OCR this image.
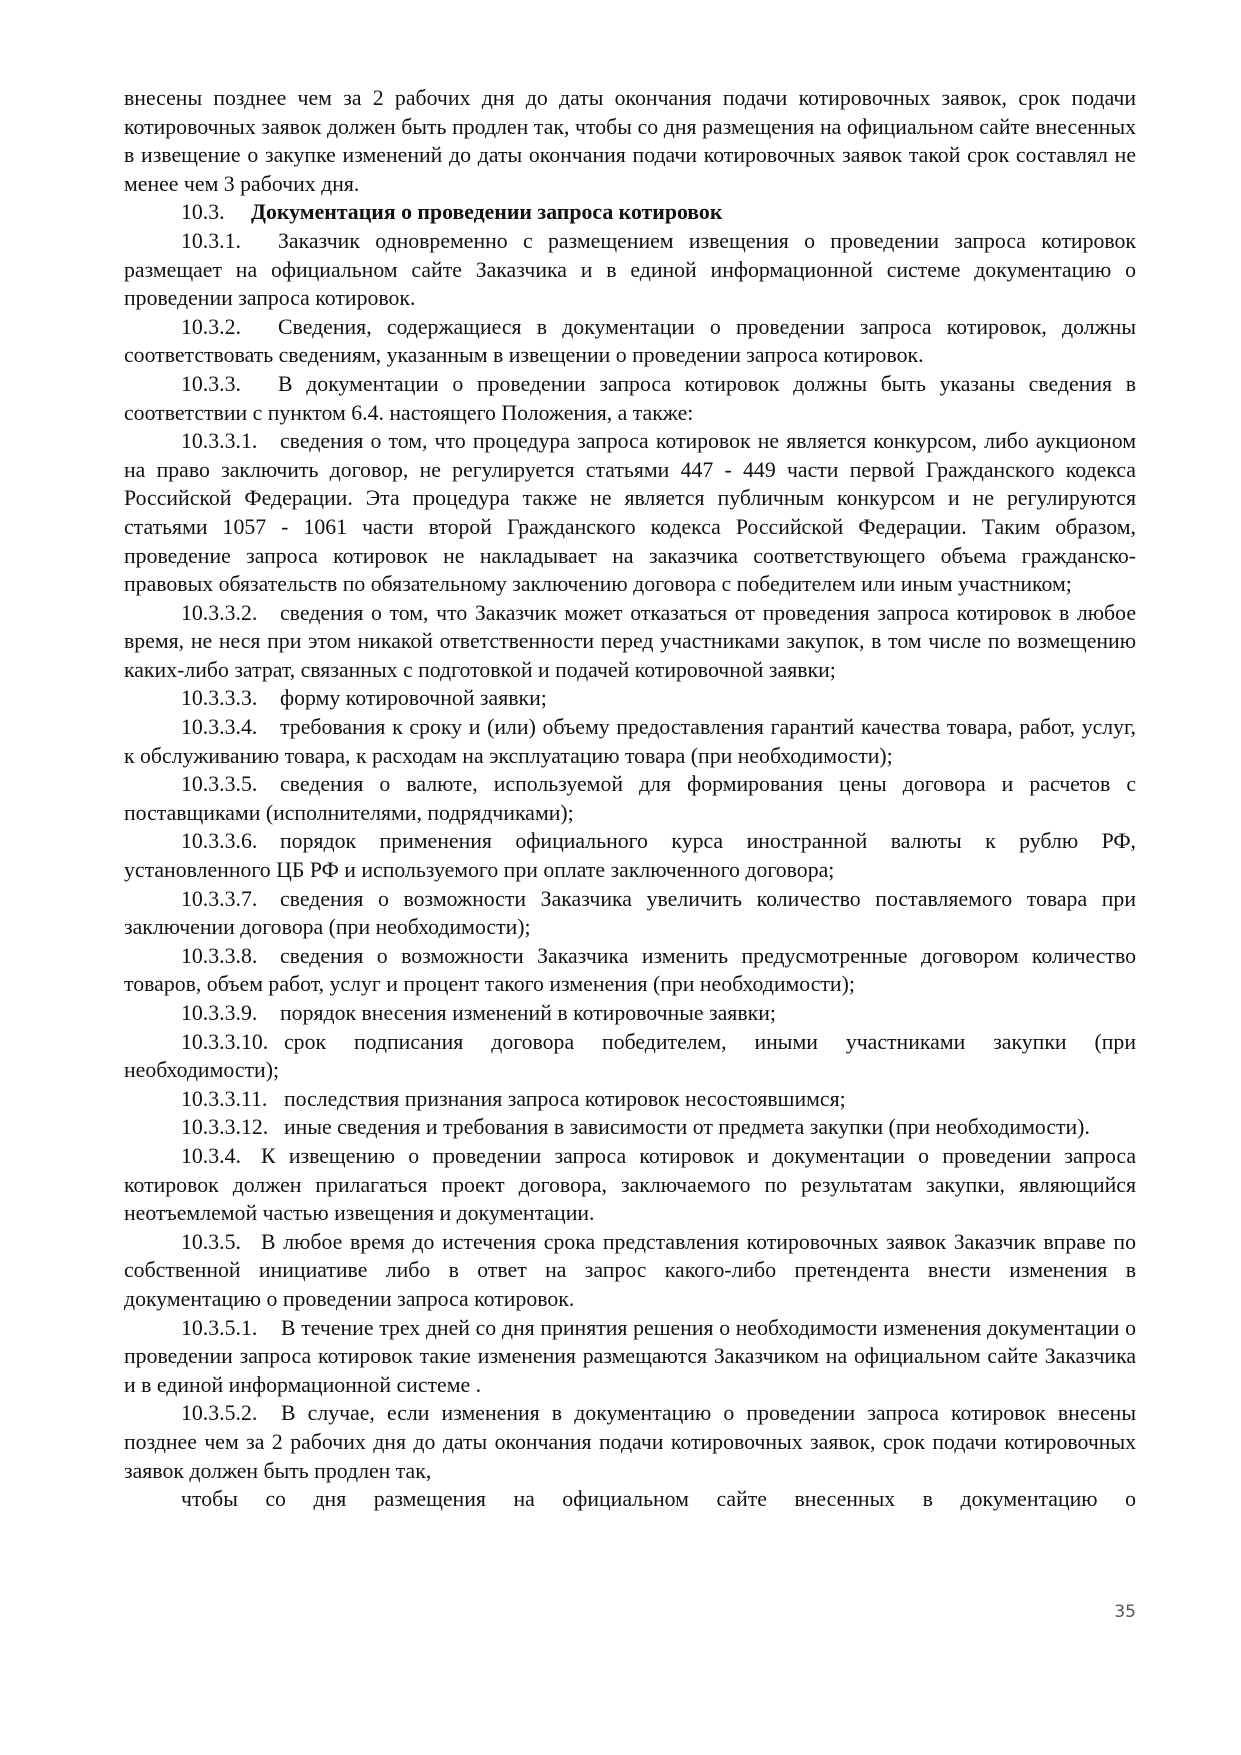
внесены позднее чем за 2 рабочих дня до даты окончания подачи котировочных заявок, срок подачи котировочных заявок должен быть продлен так, чтобы со дня размещения на официальном сайте внесенных в извещение о закупке изменений до даты окончания подачи котировочных заявок такой срок составлял не менее чем 3 рабочих дня.

10.3. Документация о проведении запроса котировок

10.3.1. Заказчик одновременно с размещением извещения о проведении запроса котировок размещает на официальном сайте Заказчика и в единой информационной системе документацию о проведении запроса котировок.

10.3.2. Сведения, содержащиеся в документации о проведении запроса котировок, должны соответствовать сведениям, указанным в извещении о проведении запроса котировок.

10.3.3. В документации о проведении запроса котировок должны быть указаны сведения в соответствии с пунктом 6.4. настоящего Положения, а также:

10.3.3.1. сведения о том, что процедура запроса котировок не является конкурсом, либо аукционом на право заключить договор, не регулируется статьями 447 - 449 части первой Гражданского кодекса Российской Федерации. Эта процедура также не является публичным конкурсом и не регулируются статьями 1057 - 1061 части второй Гражданского кодекса Российской Федерации. Таким образом, проведение запроса котировок не накладывает на заказчика соответствующего объема гражданско-правовых обязательств по обязательному заключению договора с победителем или иным участником;

10.3.3.2. сведения о том, что Заказчик может отказаться от проведения запроса котировок в любое время, не неся при этом никакой ответственности перед участниками закупок, в том числе по возмещению каких-либо затрат, связанных с подготовкой и подачей котировочной заявки;

10.3.3.3. форму котировочной заявки;

10.3.3.4. требования к сроку и (или) объему предоставления гарантий качества товара, работ, услуг, к обслуживанию товара, к расходам на эксплуатацию товара (при необходимости);

10.3.3.5. сведения о валюте, используемой для формирования цены договора и расчетов с поставщиками (исполнителями, подрядчиками);

10.3.3.6. порядок применения официального курса иностранной валюты к рублю РФ, установленного ЦБ РФ и используемого при оплате заключенного договора;

10.3.3.7. сведения о возможности Заказчика увеличить количество поставляемого товара при заключении договора (при необходимости);

10.3.3.8. сведения о возможности Заказчика изменить предусмотренные договором количество товаров, объем работ, услуг и процент такого изменения (при необходимости);

10.3.3.9. порядок внесения изменений в котировочные заявки;

10.3.3.10. срок подписания договора победителем, иными участниками закупки (при необходимости);

10.3.3.11. последствия признания запроса котировок несостоявшимся;

10.3.3.12. иные сведения и требования в зависимости от предмета закупки (при необходимости).

10.3.4. К извещению о проведении запроса котировок и документации о проведении запроса котировок должен прилагаться проект договора, заключаемого по результатам закупки, являющийся неотъемлемой частью извещения и документации.

10.3.5. В любое время до истечения срока представления котировочных заявок Заказчик вправе по собственной инициативе либо в ответ на запрос какого-либо претендента внести изменения в документацию о проведении запроса котировок.

10.3.5.1. В течение трех дней со дня принятия решения о необходимости изменения документации о проведении запроса котировок такие изменения размещаются Заказчиком на официальном сайте Заказчика и в единой информационной системе .

10.3.5.2. В случае, если изменения в документацию о проведении запроса котировок внесены позднее чем за 2 рабочих дня до даты окончания подачи котировочных заявок, срок подачи котировочных заявок должен быть продлен так,

чтобы со дня размещения на официальном сайте внесенных в документацию о

35
